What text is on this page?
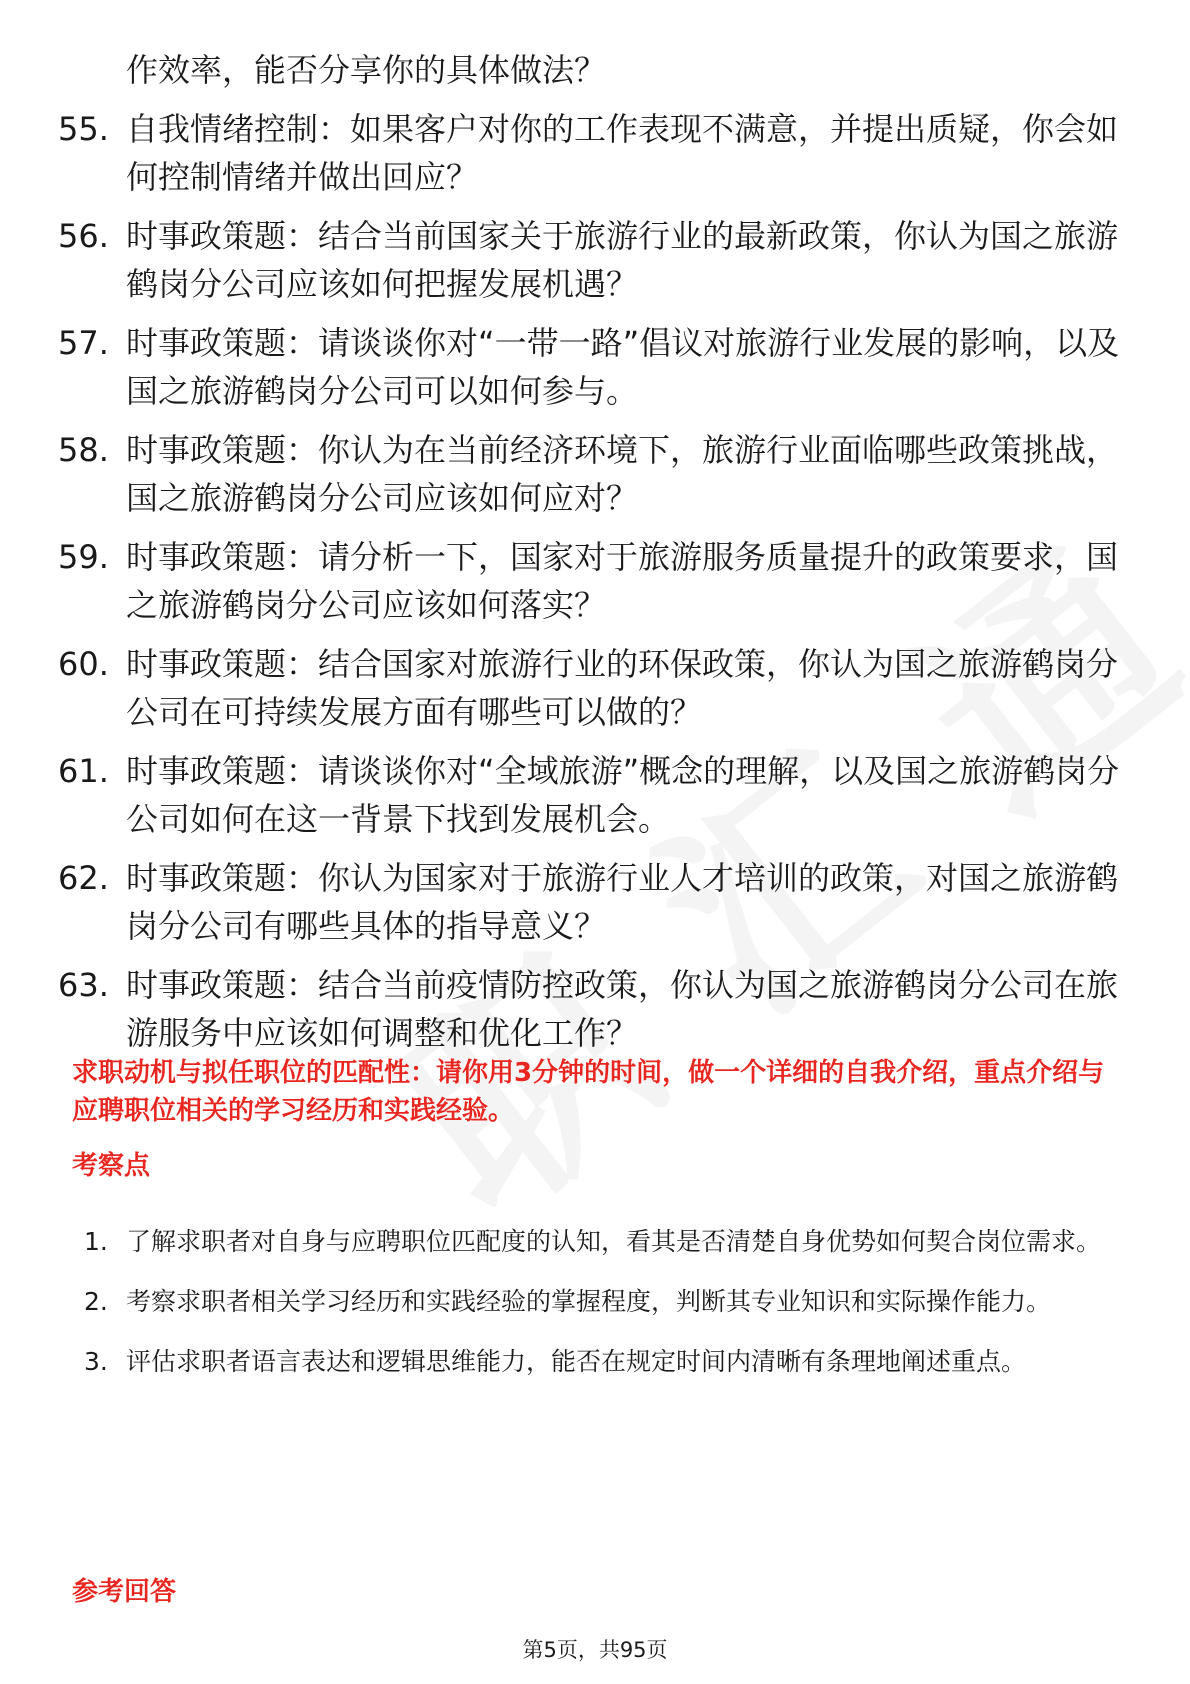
作效率，能否分享你的具体做法？
55. 自我情绪控制：如果客户对你的工作表现不满意，并提出质疑，你会如何控制情绪并做出回应？
56. 时事政策题：结合当前国家关于旅游行业的最新政策，你认为国之旅游鹤岗分公司应该如何把握发展机遇？
57. 时事政策题：请谈谈你对“一带一路”倡议对旅游行业发展的影响，以及国之旅游鹤岗分公司可以如何参与。
58. 时事政策题：你认为在当前经济环境下，旅游行业面临哪些政策挑战，国之旅游鹤岗分公司应该如何应对？
59. 时事政策题：请分析一下，国家对于旅游服务质量提升的政策要求，国之旅游鹤岗分公司应该如何落实？
60. 时事政策题：结合国家对旅游行业的环保政策，你认为国之旅游鹤岗分公司在可持续发展方面有哪些可以做的？
61. 时事政策题：请谈谈你对“全域旅游”概念的理解，以及国之旅游鹤岗分公司如何在这一背景下找到发展机会。
62. 时事政策题：你认为国家对于旅游行业人才培训的政策，对国之旅游鹤岗分公司有哪些具体的指导意义？
63. 时事政策题：结合当前疫情防控政策，你认为国之旅游鹤岗分公司在旅游服务中应该如何调整和优化工作？
求职动机与拟任职位的匹配性：请你用3分钟的时间，做一个详细的自我介绍，重点介绍与应聘职位相关的学习经历和实践经验。
考察点
1. 了解求职者对自身与应聘职位匹配度的认知，看其是否清楚自身优势如何契合岗位需求。
2. 考察求职者相关学习经历和实践经验的掌握程度，判断其专业知识和实际操作能力。
3. 评估求职者语言表达和逻辑思维能力，能否在规定时间内清晰有条理地阐述重点。
参考回答
第5页，共95页
